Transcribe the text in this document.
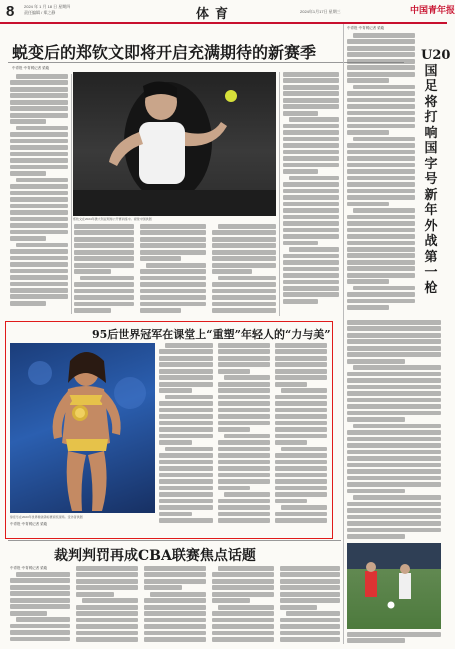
8 2024 年 1 月 18 日 星期四
责任编辑 / 郑之静	体育	2024年1月17日 星期三	中国青年报
蜕变后的郑钦文即将开启充满期待的新赛季
中青报·中青网记者 梁璇
郑钦文在2024年澳大利亚网球公开赛训练中。视觉中国供图
中青报·中青网记者 梁璇
U20国足将打响国字号新年外战第一枪
95后世界冠军在课堂上“重塑”年轻人的“力与美”
徐佳乐在2023年世界健美锦标赛颁奖现场。受访者供图
中青报·中青网记者 梁璇
裁判判罚再成CBA联赛焦点话题
中青报·中青网记者 梁璇
